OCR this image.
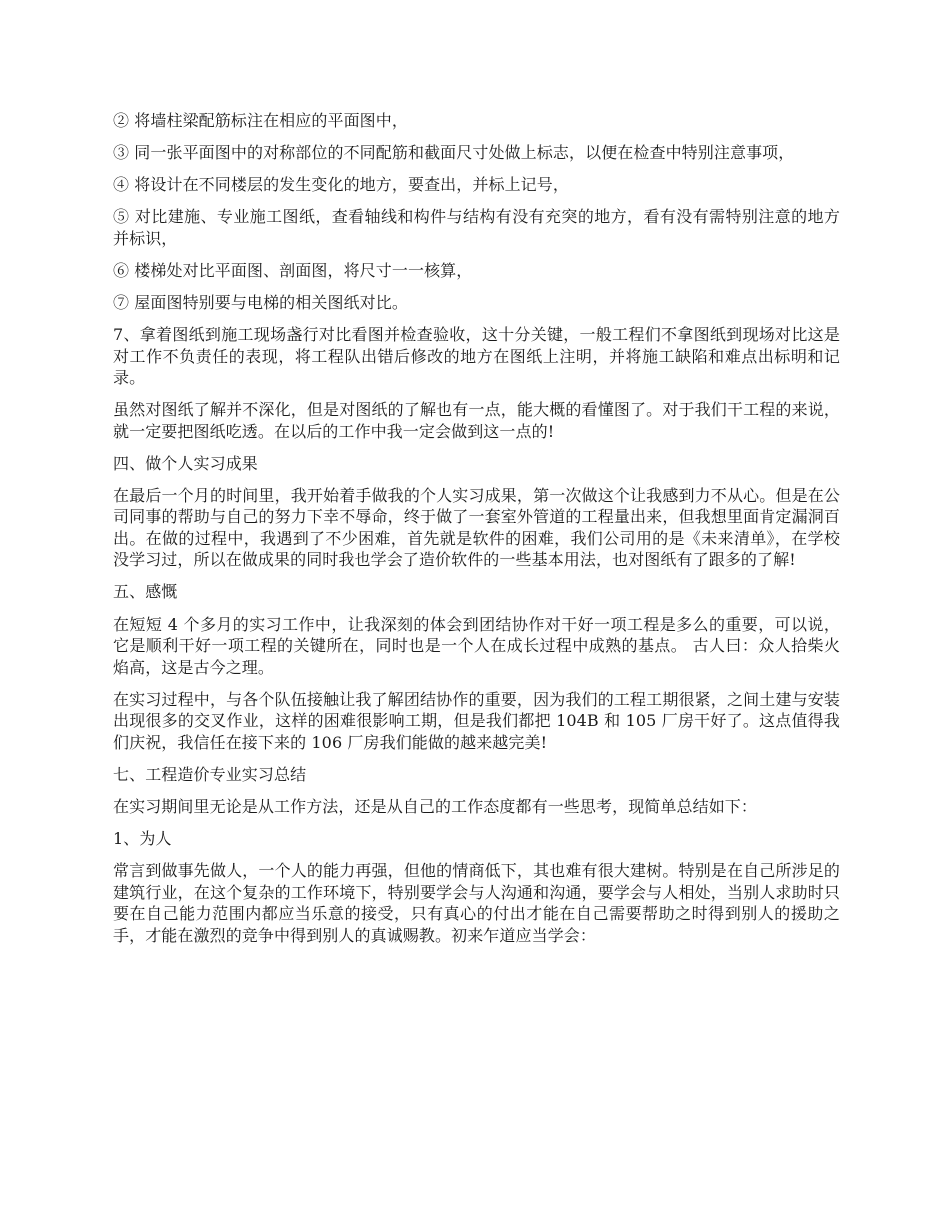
② 将墙柱梁配筋标注在相应的平面图中，

③ 同一张平面图中的对称部位的不同配筋和截面尺寸处做上标志，以便在检查中特别注意事项，

④ 将设计在不同楼层的发生变化的地方，要查出，并标上记号，

⑤ 对比建施、专业施工图纸，查看轴线和构件与结构有没有充突的地方，看有没有需特别注意的地方并标识，

⑥ 楼梯处对比平面图、剖面图，将尺寸一一核算，

⑦ 屋面图特别要与电梯的相关图纸对比。

7、拿着图纸到施工现场盏行对比看图并检查验收，这十分关键，一般工程们不拿图纸到现场对比这是对工作不负责任的表现，将工程队出错后修改的地方在图纸上注明，并将施工缺陷和难点出标明和记录。

虽然对图纸了解并不深化，但是对图纸的了解也有一点，能大概的看懂图了。对于我们干工程的来说，就一定要把图纸吃透。在以后的工作中我一定会做到这一点的!

四、做个人实习成果

在最后一个月的时间里，我开始着手做我的个人实习成果，第一次做这个让我感到力不从心。但是在公司同事的帮助与自己的努力下幸不辱命，终于做了一套室外管道的工程量出来，但我想里面肯定漏洞百出。在做的过程中，我遇到了不少困难，首先就是软件的困难，我们公司用的是《未来清单》，在学校没学习过，所以在做成果的同时我也学会了造价软件的一些基本用法，也对图纸有了跟多的了解!

五、感慨

在短短 4 个多月的实习工作中，让我深刻的体会到团结协作对干好一项工程是多么的重要，可以说，它是顺利干好一项工程的关键所在，同时也是一个人在成长过程中成熟的基点。 古人曰：众人拾柴火焰高，这是古今之理。

在实习过程中，与各个队伍接触让我了解团结协作的重要，因为我们的工程工期很紧，之间土建与安装出现很多的交叉作业，这样的困难很影响工期，但是我们都把 104B 和 105 厂房干好了。这点值得我们庆祝，我信任在接下来的 106 厂房我们能做的越来越完美!

七、工程造价专业实习总结

在实习期间里无论是从工作方法，还是从自己的工作态度都有一些思考，现简单总结如下：

1、为人

常言到做事先做人，一个人的能力再强，但他的情商低下，其也难有很大建树。特别是在自己所涉足的建筑行业，在这个复杂的工作环境下，特别要学会与人沟通和沟通，要学会与人相处，当别人求助时只要在自己能力范围内都应当乐意的接受，只有真心的付出才能在自己需要帮助之时得到别人的援助之手，才能在激烈的竞争中得到别人的真诚赐教。初来乍道应当学会：
